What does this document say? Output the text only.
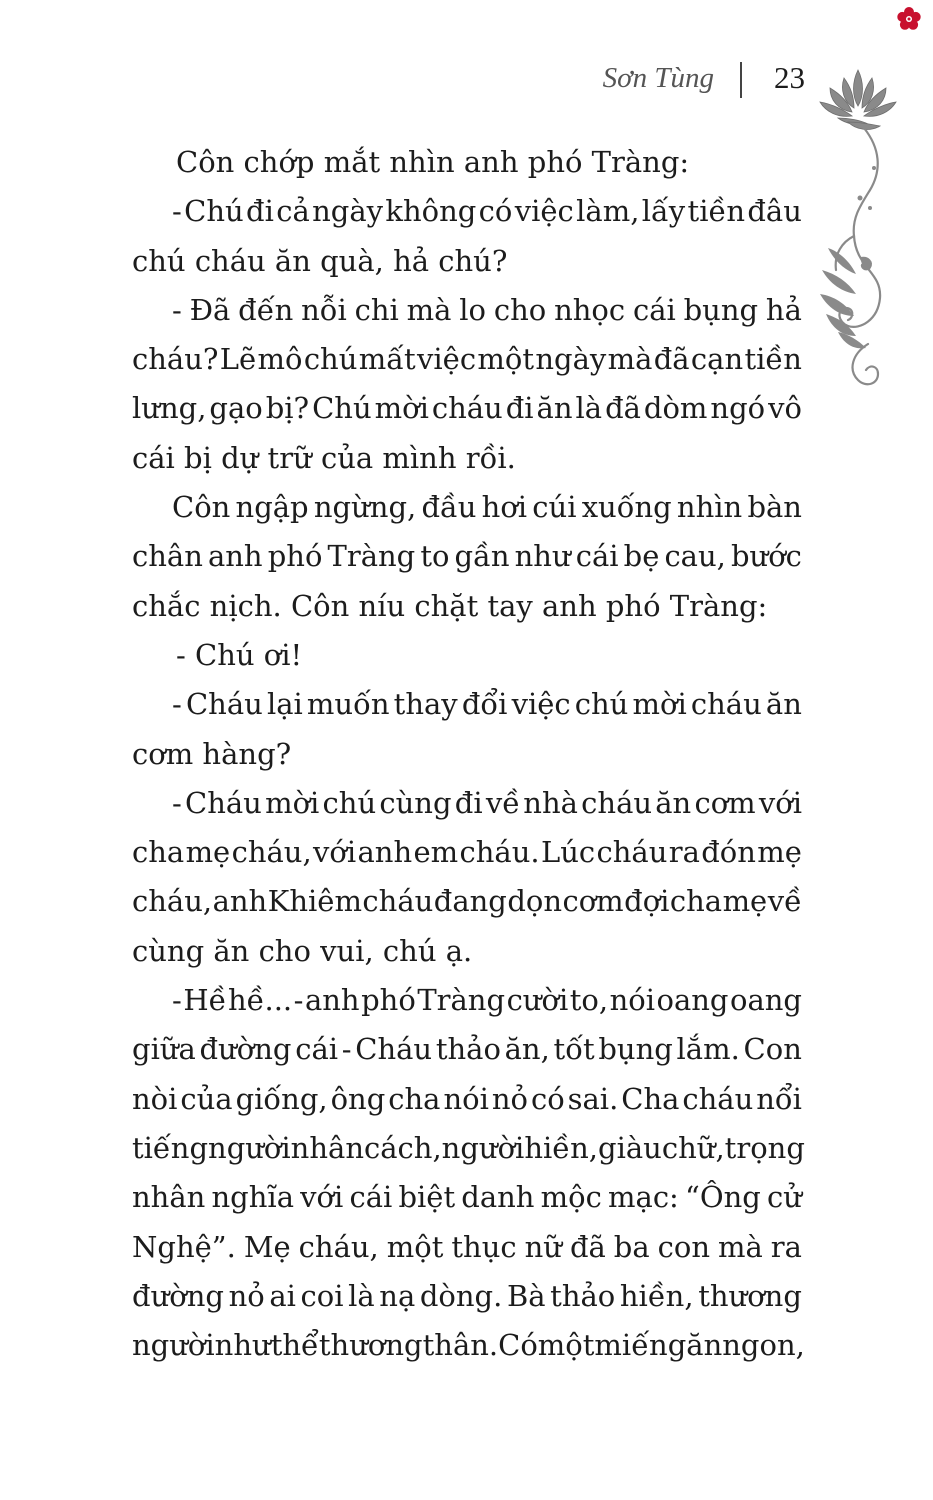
Sơn Tùng 23
Côn chớp mắt nhìn anh phó Tràng:
- Chú đi cả ngày không có việc làm, lấy tiền đâu
chú cháu ăn quà, hả chú?
- Đã đến nỗi chi mà lo cho nhọc cái bụng hả
cháu? Lẽ mô chú mất việc một ngày mà đã cạn tiền
lưng, gạo bị? Chú mời cháu đi ăn là đã dòm ngó vô
cái bị dự trữ của mình rồi.
Côn ngập ngừng, đầu hơi cúi xuống nhìn bàn
chân anh phó Tràng to gần như cái bẹ cau, bước
chắc nịch. Côn níu chặt tay anh phó Tràng:
- Chú ơi!
- Cháu lại muốn thay đổi việc chú mời cháu ăn
cơm hàng?
- Cháu mời chú cùng đi về nhà cháu ăn cơm với
cha mẹ cháu, với anh em cháu. Lúc cháu ra đón mẹ
cháu, anh Khiêm cháu đang dọn cơm đợi cha mẹ về
cùng ăn cho vui, chú ạ.
- Hề hề... - anh phó Tràng cười to, nói oang oang
giữa đường cái - Cháu thảo ăn, tốt bụng lắm. Con
nòi của giống, ông cha nói nỏ có sai. Cha cháu nổi
tiếng người nhân cách, người hiền, giàu chữ, trọng
nhân nghĩa với cái biệt danh mộc mạc: “Ông cử
Nghệ”. Mẹ cháu, một thục nữ đã ba con mà ra
đường nỏ ai coi là nạ dòng. Bà thảo hiền, thương
người như thể thương thân. Có một miếng ăn ngon,
